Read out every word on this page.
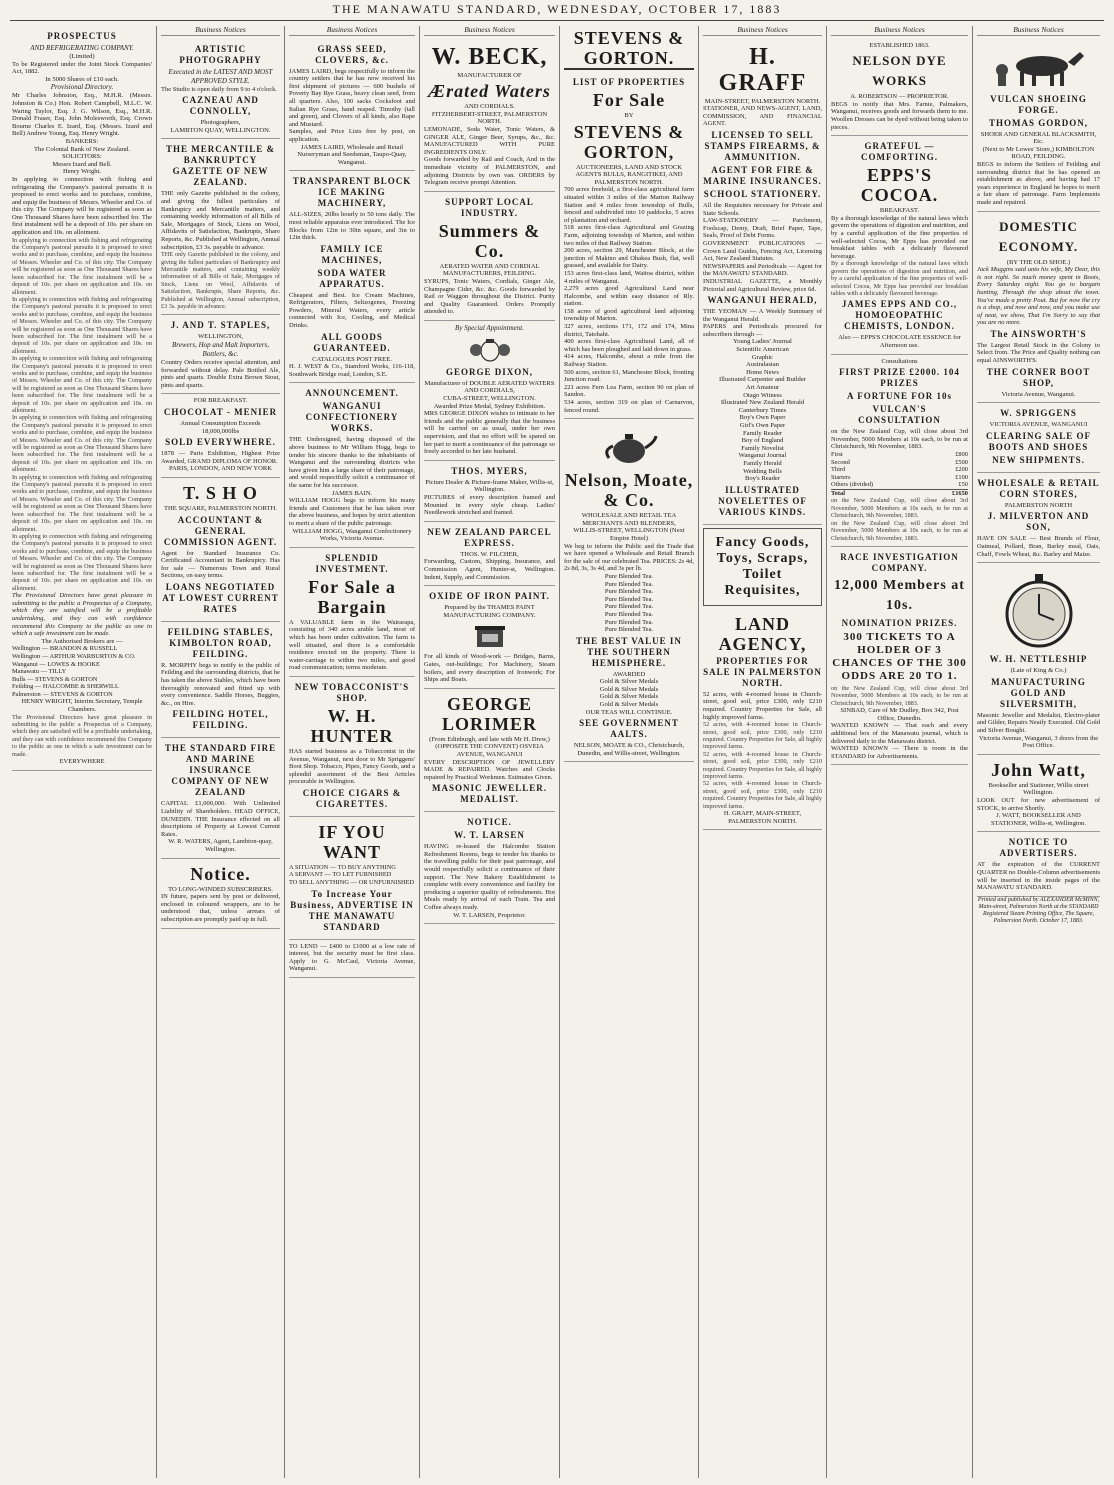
THE MANAWATU STANDARD, WEDNESDAY, OCTOBER 17, 1883
PROSPECTUS
AND REFRIGERATING COMPANY.
(Limited)
To be Registered under the Joint Stock Companies' Act, 1882.
In 5000 Shares of £10 each.
Provisional Directory.
Mr Charles Johnston, Esq., M.H.R. (Messrs. Johnston & Co.) Hon. Robert Campbell, M.L.C. W. Waring Taylor, Esq. J. G. Wilson, Esq., M.H.R. Donald Fraser, Esq. John Molesworth, Esq. Crown Bourne Charles E. Izard, Esq. (Messrs. Izard and Bell) Andrew Young, Esq. Henry Wright.
BANKERS:
The Colonial Bank of New Zealand.
SOLICITORS:
Messrs Izard and Bell.
Henry Wright.
In applying to connection with fishing and refrigerating the Company's pastoral pursuits it is proposed to erect works and to purchase, combine, and equip the business of Messrs. Wheeler and Co. of this city. The Company will be registered as soon as One Thousand Shares have been subscribed for. The first instalment will be a deposit of 10s. per share on application and 10s. on allotment.
In applying to connection with fishing and refrigerating the Company's pastoral pursuits it is proposed to erect works and to purchase, combine, and equip the business of Messrs. Wheeler and Co. of this city. The Company will be registered as soon as One Thousand Shares have been subscribed for. The first instalment will be a deposit of 10s. per share on application and 10s. on allotment.
In applying to connection with fishing and refrigerating the Company's pastoral pursuits it is proposed to erect works and to purchase, combine, and equip the business of Messrs. Wheeler and Co. of this city. The Company will be registered as soon as One Thousand Shares have been subscribed for. The first instalment will be a deposit of 10s. per share on application and 10s. on allotment.
In applying to connection with fishing and refrigerating the Company's pastoral pursuits it is proposed to erect works and to purchase, combine, and equip the business of Messrs. Wheeler and Co. of this city. The Company will be registered as soon as One Thousand Shares have been subscribed for. The first instalment will be a deposit of 10s. per share on application and 10s. on allotment.
In applying to connection with fishing and refrigerating the Company's pastoral pursuits it is proposed to erect works and to purchase, combine, and equip the business of Messrs. Wheeler and Co. of this city. The Company will be registered as soon as One Thousand Shares have been subscribed for. The first instalment will be a deposit of 10s. per share on application and 10s. on allotment.
In applying to connection with fishing and refrigerating the Company's pastoral pursuits it is proposed to erect works and to purchase, combine, and equip the business of Messrs. Wheeler and Co. of this city. The Company will be registered as soon as One Thousand Shares have been subscribed for. The first instalment will be a deposit of 10s. per share on application and 10s. on allotment.
In applying to connection with fishing and refrigerating the Company's pastoral pursuits it is proposed to erect works and to purchase, combine, and equip the business of Messrs. Wheeler and Co. of this city. The Company will be registered as soon as One Thousand Shares have been subscribed for. The first instalment will be a deposit of 10s. per share on application and 10s. on allotment.
The Provisional Directors have great pleasure in submitting to the public a Prospectus of a Company, which they are satisfied will be a profitable undertaking, and they can with confidence recommend this Company to the public as one in which a safe investment can be made.
The Authorised Brokers are —
Wellington — BRANDON & RUSSELL
Wellington — ARTHUR WARBURTON & CO.
Wanganui — LOWES & HOOKE
Manawatu — TILLY
Bulls — STEVENS & GORTON
Feilding — HALCOMBE & SHERWILL
Palmerston — STEVENS & GORTON
HENRY WRIGHT, Interim Secretary, Temple Chambers.
The Provisional Directors have great pleasure in submitting to the public a Prospectus of a Company, which they are satisfied will be a profitable undertaking, and they can with confidence recommend this Company to the public as one in which a safe investment can be made.
EVERYWHERE
Business Notices
ARTISTIC PHOTOGRAPHY
Executed in the LATEST AND MOST APPROVED STYLE.
The Studio is open daily from 9 to 4 o'clock.
CAZNEAU AND CONNOLLY,
Photographers,
LAMBTON QUAY, WELLINGTON.
THE MERCANTILE & BANKRUPTCY GAZETTE OF NEW ZEALAND.
THE only Gazette published in the colony, and giving the fullest particulars of Bankruptcy and Mercantile matters, and containing weekly information of all Bills of Sale, Mortgages of Stock, Liens on Wool, Affidavits of Satisfaction, Bankrupts, Share Reports, &c. Published at Wellington, Annual subscription, £3 3s. payable in advance.
THE only Gazette published in the colony, and giving the fullest particulars of Bankruptcy and Mercantile matters, and containing weekly information of all Bills of Sale, Mortgages of Stock, Liens on Wool, Affidavits of Satisfaction, Bankrupts, Share Reports, &c. Published at Wellington, Annual subscription, £3 3s. payable in advance.
J. AND T. STAPLES,
WELLINGTON,
Brewers, Hop and Malt Importers, Bottlers, &c.
Country Orders receive special attention, and forwarded without delay. Pale Bottled Ale, pints and quarts. Double Extra Brown Stout, pints and quarts.
FOR BREAKFAST.
CHOCOLAT - MENIER
Annual Consumption Exceeds 18,000,000lbs
SOLD EVERYWHERE.
1878 — Paris Exhibition, Highest Prize Awarded, GRAND DIPLOMA OF HONOR.
PARIS, LONDON, AND NEW YORK
T. S H O
THE SQUARE, PALMERSTON NORTH.
ACCOUNTANT & GENERAL COMMISSION AGENT.
Agent for Standard Insurance Co. Certificated Accountant in Bankruptcy. Has for sale — Numerous Town and Rural Sections, on easy terms.
LOANS NEGOTIATED AT LOWEST CURRENT RATES
FEILDING STABLES, KIMBOLTON ROAD, FEILDING.
R. MORPHY begs to notify to the public of Feilding and the surrounding districts, that he has taken the above Stables, which have been thoroughly renovated and fitted up with every convenience. Saddle Horses, Buggies, &c., on Hire.
FEILDING HOTEL, FEILDING.
THE STANDARD FIRE AND MARINE INSURANCE COMPANY OF NEW ZEALAND
CAPITAL £1,000,000. With Unlimited Liability of Shareholders. HEAD OFFICE, DUNEDIN. THE Insurance effected on all descriptions of Property at Lowest Current Rates.
W. R. WATERS, Agent, Lambton-quay, Wellington.
Notice.
TO LONG-WINDED SUBSCRIBERS.
IN future, papers sent by post or delivered, enclosed in coloured wrappers, are to be understood that, unless arrears of subscription are promptly paid up in full.
Business Notices
GRASS SEED, CLOVERS, &c.
JAMES LAIRD, begs respectfully to inform the country settlers that he has now received his first shipment of pictures — 600 bushels of Poverty Bay Rye Grass, heavy clean seed, from all quarters. Also, 100 sacks Cocksfoot and Italian Rye Grass, hand reaped. Timothy (tall and green), and Clovers of all kinds, also Rape and Mustard.
Samples, and Price Lists free by post, on application.
JAMES LAIRD, Wholesale and Retail Nurseryman and Seedsman, Taupo-Quay, Wanganui.
TRANSPARENT BLOCK ICE MAKING MACHINERY,
ALL-SIZES, 20lbs hourly to 50 tons daily. The most reliable apparatus ever introduced. The Ice Blocks from 12in to 30in square, and 3in to 12in thick.
FAMILY ICE MACHINES,
SODA WATER APPARATUS.
Cheapest and Best. Ice Cream Machines, Refrigerators, Filters, Seltzogenes, Freezing Powders, Mineral Waters, every article connected with Ice, Cooling, and Medical Drinks.
ALL GOODS GUARANTEED.
CATALOGUES POST FREE.
H. J. WEST & Co., Stamford Works, 116-118, Southwark Bridge road, London, S.E.
ANNOUNCEMENT.
WANGANUI CONFECTIONERY WORKS.
THE Undersigned, having disposed of the above business to Mr William Hogg, begs to tender his sincere thanks to the inhabitants of Wanganui and the surrounding districts who have given him a large share of their patronage, and would respectfully solicit a continuance of the same for his successor.
JAMES BAIN.
WILLIAM HOGG begs to inform his many friends and Customers that he has taken over the above business, and hopes by strict attention to merit a share of the public patronage.
WILLIAM HOGG, Wanganui Confectionery Works, Victoria Avenue.
SPLENDID INVESTMENT.
For Sale a Bargain
A VALUABLE farm in the Wairarapa, consisting of 340 acres arable land, most of which has been under cultivation. The farm is well situated, and there is a comfortable residence erected on the property. There is water-carriage to within two miles, and good road communication; terms moderate.
NEW TOBACCONIST'S SHOP.
W. H. HUNTER
HAS started business as a Tobacconist in the Avenue, Wanganui, next door to Mr Spriggens' Boot Shop. Tobacco, Pipes, Fancy Goods, and a splendid assortment of the Best Articles procurable in Wellington.
CHOICE CIGARS & CIGARETTES.
IF YOU WANT
A SITUATION — TO BUY ANYTHING
A SERVANT — TO LET FURNISHED
TO SELL ANYTHING — OR UNFURNISHED
To Increase Your Business, ADVERTISE IN THE MANAWATU STANDARD
TO LEND — £400 to £1000 at a low rate of interest, but the security must be first class. Apply to G. McCaul, Victoria Avenue, Wanganui.
Business Notices
W. BECK,
MANUFACTURER OF
Ærated Waters
AND CORDIALS.
FITZHERBERT-STREET, PALMERSTON NORTH.
LEMONADE, Soda Water, Tonic Waters, & GINGER ALE, Ginger Beer, Syrups, &c., &c. MANUFACTURED WITH PURE INGREDIENTS ONLY.
Goods forwarded by Rail and Coach, And in the immediate vicinity of PALMERSTON, and adjoining Districts by own van. ORDERS by Telegram receive prompt Attention.
SUPPORT LOCAL INDUSTRY.
Summers & Co.
AERATED WATER AND CORDIAL MANUFACTURERS, FEILDING.
SYRUPS, Tonic Waters, Cordials, Ginger Ale, Champagne Cider, &c. &c. Goods forwarded by Rail or Waggon throughout the District. Purity and Quality Guaranteed. Orders Promptly attended to.
By Special Appointment.
GEORGE DIXON,
Manufacturer of DOUBLE AERATED WATERS AND CORDIALS,
CUBA-STREET, WELLINGTON.
Awarded Prize Medal, Sydney Exhibition.
MRS GEORGE DIXON wishes to intimate to her friends and the public generally that the business will be carried on as usual, under her own supervision, and that no effort will be spared on her part to merit a continuance of the patronage so freely accorded to her late husband.
THOS. MYERS,
Picture Dealer & Picture-frame Maker, Willis-st, Wellington.
PICTURES of every description framed and Mounted in every style cheap. Ladies' Needlework stretched and framed.
NEW ZEALAND PARCEL EXPRESS.
THOS. W. FILCHER,
Forwarding, Custom, Shipping, Insurance, and Commission Agent, Hunter-st, Wellington. Indent, Supply, and Commission.
OXIDE OF IRON PAINT.
Prepared by the THAMES PAINT MANUFACTURING COMPANY.
For all kinds of Wood-work — Bridges, Barns, Gates, out-buildings; For Machinery, Steam boilers, and every description of Ironwork; For Ships and Boats.
GEORGE LORIMER
(From Edinburgh, and late with Mr H. Drew,) (OPPOSITE THE CONVENT) OSVEIA AVENUE, WANGANUI
EVERY DESCRIPTION OF JEWELLERY MADE & REPAIRED. Watches and Clocks repaired by Practical Workmen. Estimates Given.
MASONIC JEWELLER. MEDALIST.
NOTICE.
W. T. LARSEN
HAVING re-leased the Halcombe Station Refreshment Rooms, begs to tender his thanks to the travelling public for their past patronage, and would respectfully solicit a continuance of their support. The New Bakery Establishment is complete with every convenience and facility for producing a superior quality of refreshments. Hot Meals ready by arrival of each Train. Tea and Coffee always ready.
W. T. LARSEN, Proprietor.
STEVENS & GORTON.
LIST OF PROPERTIES
For Sale
BY
STEVENS & GORTON,
AUCTIONEERS, LAND AND STOCK AGENTS BULLS, RANGITIKEI, AND PALMERSTON NORTH.
700 acres freehold, a first-class agricultural farm situated within 3 miles of the Marton Railway Station and 4 miles from township of Bulls, fenced and subdivided into 10 paddocks, 5 acres of plantation and orchard.
518 acres first-class Agricultural and Grazing Farm, adjoining township of Marton, and within two miles of that Railway Station.
200 acres, section 29, Manchester Block, at the junction of Makino and Ohakea Bush, flat, well grassed, and available for Dairy.
153 acres first-class land, Waitoa district, within 4 miles of Wanganui.
2,279 acres good Agricultural Land near Halcombe, and within easy distance of Rly. station.
158 acres of good agricultural land adjoining township of Marton.
327 acres, sections 171, 172 and 174, Mina district, Tatohahi.
400 acres first-class Agricultural Land, all of which has been ploughed and laid down in grass.
414 acres, Halcombe, about a mile from the Railway Station.
500 acres, section 61, Manchester Block, fronting Junction road.
221 acres Fern Lea Farm, section 90 on plan of Sandon.
534 acres, section 319 on plan of Carnarvon, fenced round.
Nelson, Moate, & Co.
WHOLESALE AND RETAIL TEA MERCHANTS AND BLENDERS,
WILLIS-STREET, WELLINGTON (Next Empire Hotel)
We beg to inform the Public and the Trade that we have opened a Wholesale and Retail Branch for the sale of our celebrated Tea. PRICES: 2s 4d, 2s 8d, 3s, 3s 4d, and 3s per lb.
Pure Blended Tea.
Pure Blended Tea.
Pure Blended Tea.
Pure Blended Tea.
Pure Blended Tea.
Pure Blended Tea.
Pure Blended Tea.
Pure Blended Tea.
THE BEST VALUE IN THE SOUTHERN HEMISPHERE.
AWARDED
Gold & Silver Medals
Gold & Silver Medals
Gold & Silver Medals
Gold & Silver Medals
OUR TEAS WILL CONTINUE.
SEE GOVERNMENT AALTS.
NELSON, MOATE & CO., Christchurch, Dunedin, and Willis-street, Wellington.
Business Notices
H. GRAFF
MAIN-STREET, PALMERSTON NORTH.
STATIONER, AND NEWS-AGENT, LAND, COMMISSION, AND FINANCIAL AGENT.
LICENSED TO SELL STAMPS FIREARMS, & AMMUNITION.
AGENT FOR FIRE & MARINE INSURANCES.
SCHOOL STATIONERY.
All the Requisites necessary for Private and State Schools.
LAW-STATIONERY — Parchment, Foolscap, Demy, Draft, Brief Paper, Tape, Seals, Proof of Debt Forms.
GOVERNMENT PUBLICATIONS — Crown Land Guides, Fencing Act, Licensing Act, New Zealand Statutes.
NEWSPAPERS and Periodicals — Agent for the MANAWATU STANDARD.
INDUSTRIAL GAZETTE, a Monthly Pictorial and Agricultural Review, price 6d.
WANGANUI HERALD,
THE YEOMAN — A Weekly Summary of the Wanganui Herald.
PAPERS and Periodicals procured for subscribers through —
Young Ladies' Journal
Scientific American
Graphic
Australasian
Home News
Illustrated Carpenter and Builder
Art Amateur
Otago Witness
Illustrated New Zealand Herald
Canterbury Times
Boy's Own Paper
Girl's Own Paper
Family Reader
Boy of England
Family Novelist
Wanganui Journal
Family Herald
Wedding Bells
Boy's Reader
ILLUSTRATED NOVELETTES OF VARIOUS KINDS.
Fancy Goods, Toys, Scraps, Toilet Requisites,
LAND AGENCY,
PROPERTIES FOR SALE IN PALMERSTON NORTH.
52 acres, with 4-roomed house in Church-street, good soil, price £300, only £210 required. Country Properties for Sale, all highly improved farms.
52 acres, with 4-roomed house in Church-street, good soil, price £300, only £210 required. Country Properties for Sale, all highly improved farms.
52 acres, with 4-roomed house in Church-street, good soil, price £300, only £210 required. Country Properties for Sale, all highly improved farms.
52 acres, with 4-roomed house in Church-street, good soil, price £300, only £210 required. Country Properties for Sale, all highly improved farms.
H. GRAFF, MAIN-STREET, PALMERSTON NORTH.
Business Notices
ESTABLISHED 1863.
NELSON DYE WORKS
A. ROBERTSON — PROPRIETOR.
BEGS to notify that Mrs. Farnie, Palmakers, Wanganui, receives goods and forwards them to me. Woollen Dresses can be dyed without being taken to pieces.
GRATEFUL — COMFORTING.
EPPS'S COCOA.
BREAKFAST.
By a thorough knowledge of the natural laws which govern the operations of digestion and nutrition, and by a careful application of the fine properties of well-selected Cocoa, Mr Epps has provided our breakfast tables with a delicately flavoured beverage.
By a thorough knowledge of the natural laws which govern the operations of digestion and nutrition, and by a careful application of the fine properties of well-selected Cocoa, Mr Epps has provided our breakfast tables with a delicately flavoured beverage.
JAMES EPPS AND CO., HOMOEOPATHIC CHEMISTS, LONDON.
Also — EPPS'S CHOCOLATE ESSENCE for Afternoon use.
Consultations
FIRST PRIZE £2000. 104 PRIZES
A FORTUNE FOR 10s
VULCAN'S CONSULTATION
on the New Zealand Cup, will close about 3rd November, 5000 Members at 10s each, to be run at Christchurch, 9th November, 1883.
First	£800
Second	£500
Third	£200
Starters	£100
Others (divided)	£50
Total	£1650
on the New Zealand Cup, will close about 3rd November, 5000 Members at 10s each, to be run at Christchurch, 9th November, 1883.
on the New Zealand Cup, will close about 3rd November, 5000 Members at 10s each, to be run at Christchurch, 9th November, 1883.
RACE INVESTIGATION COMPANY.
12,000 Members at 10s.
NOMINATION PRIZES.
300 TICKETS TO A HOLDER OF 3 CHANCES OF THE 300 ODDS ARE 20 TO 1.
on the New Zealand Cup, will close about 3rd November, 5000 Members at 10s each, to be run at Christchurch, 9th November, 1883.
SINBAD, Care of Mr Dudley, Box 342, Post Office, Dunedin.
WANTED KNOWN — That each and every additional box of the Manawatu journal, which is delivered daily to the Manawatu district.
WANTED KNOWN — There is room in the STANDARD for Advertisements.
Business Notices
VULCAN SHOEING FORGE.
THOMAS GORDON,
SHOER AND GENERAL BLACKSMITH, Etc.
(Next to Mr Lowes' Store,) KIMBOLTON ROAD, FEILDING.
BEGS to inform the Settlers of Feilding and surrounding district that he has opened an establishment as above, and having had 17 years experience in England he hopes to merit a fair share of patronage. Farm Implements made and repaired.
DOMESTIC ECONOMY.
(BY THE OLD SHOE.)
Jack Muggins said unto his wife, My Dear, this is not right. So much money spent in Boots, Every Saturday night. You go to bargain hunting, Through the shop about the town. You've made a pretty Pout. But for now the cry is a shop, and now and now, and you make use of neat, we show, That I'm Sorry to say that you are no more.
The AINSWORTH'S
The Largest Retail Stock in the Colony to Select from. The Price and Quality nothing can equal AINSWORTH'S.
THE CORNER BOOT SHOP,
Victoria Avenue, Wanganui.
W. SPRIGGENS
VICTORIA AVENUE, WANGANUI
CLEARING SALE OF BOOTS AND SHOES
NEW SHIPMENTS.
WHOLESALE & RETAIL CORN STORES,
PALMERSTON NORTH
J. MILVERTON AND SON,
HAVE ON SALE — Best Brands of Flour, Oatmeal, Pollard, Bran, Barley meal, Oats, Chaff, Fowls Wheat, &c. Barley and Maize.
W. H. NETTLESHIP
(Late of King & Co.)
MANUFACTURING GOLD AND SILVERSMITH,
Masonic Jeweller and Medalist, Electro-plater and Gilder, Repairs Neatly Executed. Old Gold and Silver Bought.
Victoria Avenue, Wanganui, 3 doors from the Post Office.
John Watt,
Bookseller and Stationer, Willis street Wellington.
LOOK OUT for new advertisement of STOCK, to arrive Shortly.
J. WATT, BOOKSELLER AND STATIONER, Willis-st, Wellington.
NOTICE TO ADVERTISERS.
AT the expiration of the CURRENT QUARTER no Double-Column advertisements will be inserted in the inside pages of the MANAWATU STANDARD.
Printed and published by ALEXANDER McMINN, Main-street, Palmerston North at the STANDARD Registered Steam Printing Office, The Square, Palmerston North. October 17, 1883.
